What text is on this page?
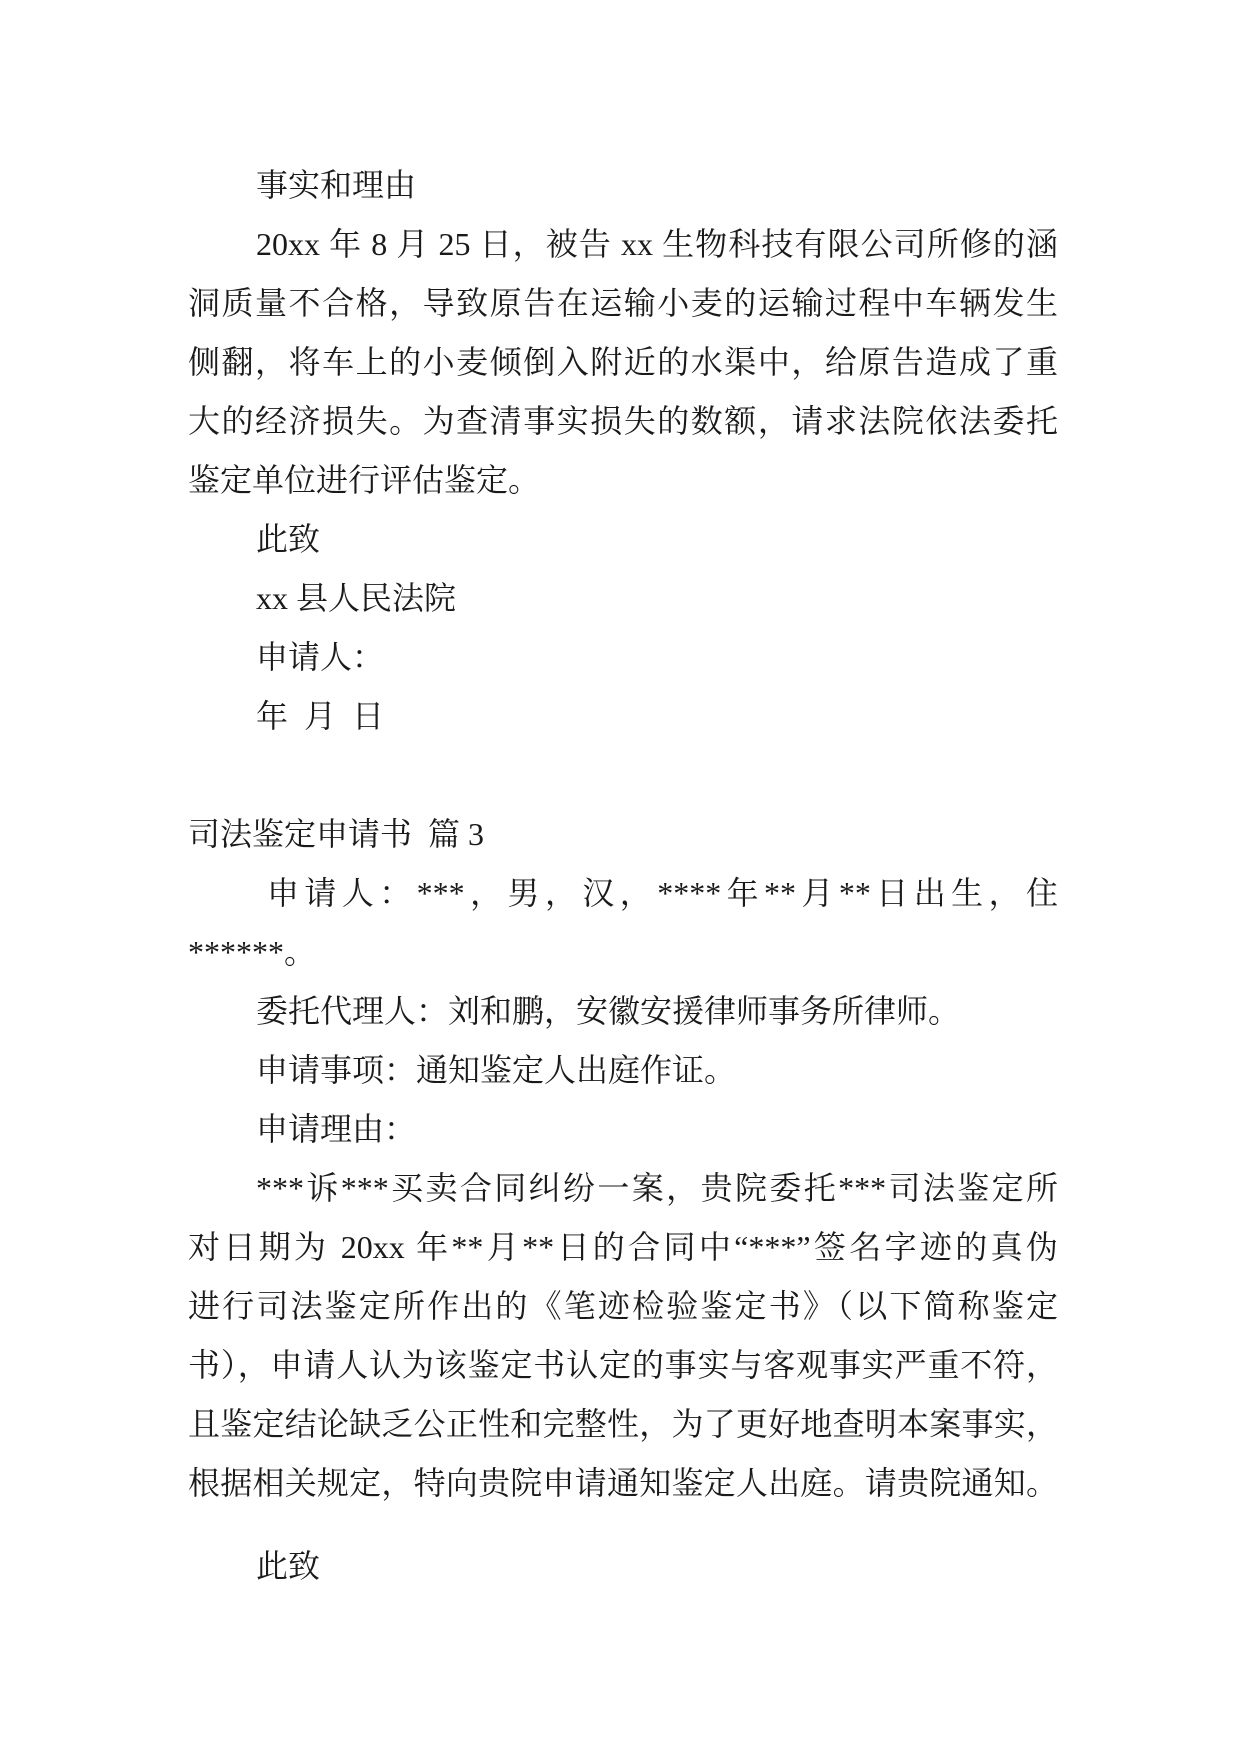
事实和理由
20xx 年 8 月 25 日，被告 xx 生物科技有限公司所修的涵
洞质量不合格，导致原告在运输小麦的运输过程中车辆发生
侧翻，将车上的小麦倾倒入附近的水渠中，给原告造成了重
大的经济损失。为查清事实损失的数额，请求法院依法委托
鉴定单位进行评估鉴定。
此致
xx 县人民法院
申请人：
年  月  日
司法鉴定申请书  篇 3
申请人：***，男，汉，****年**月**日出生，住
******。
委托代理人：刘和鹏，安徽安援律师事务所律师。
申请事项：通知鉴定人出庭作证。
申请理由：
***诉***买卖合同纠纷一案，贵院委托***司法鉴定所
对日期为 20xx 年**月**日的合同中“***”签名字迹的真伪
进行司法鉴定所作出的《笔迹检验鉴定书》（以下简称鉴定
书），申请人认为该鉴定书认定的事实与客观事实严重不符，
且鉴定结论缺乏公正性和完整性，为了更好地查明本案事实，
根据相关规定，特向贵院申请通知鉴定人出庭。请贵院通知。
此致
